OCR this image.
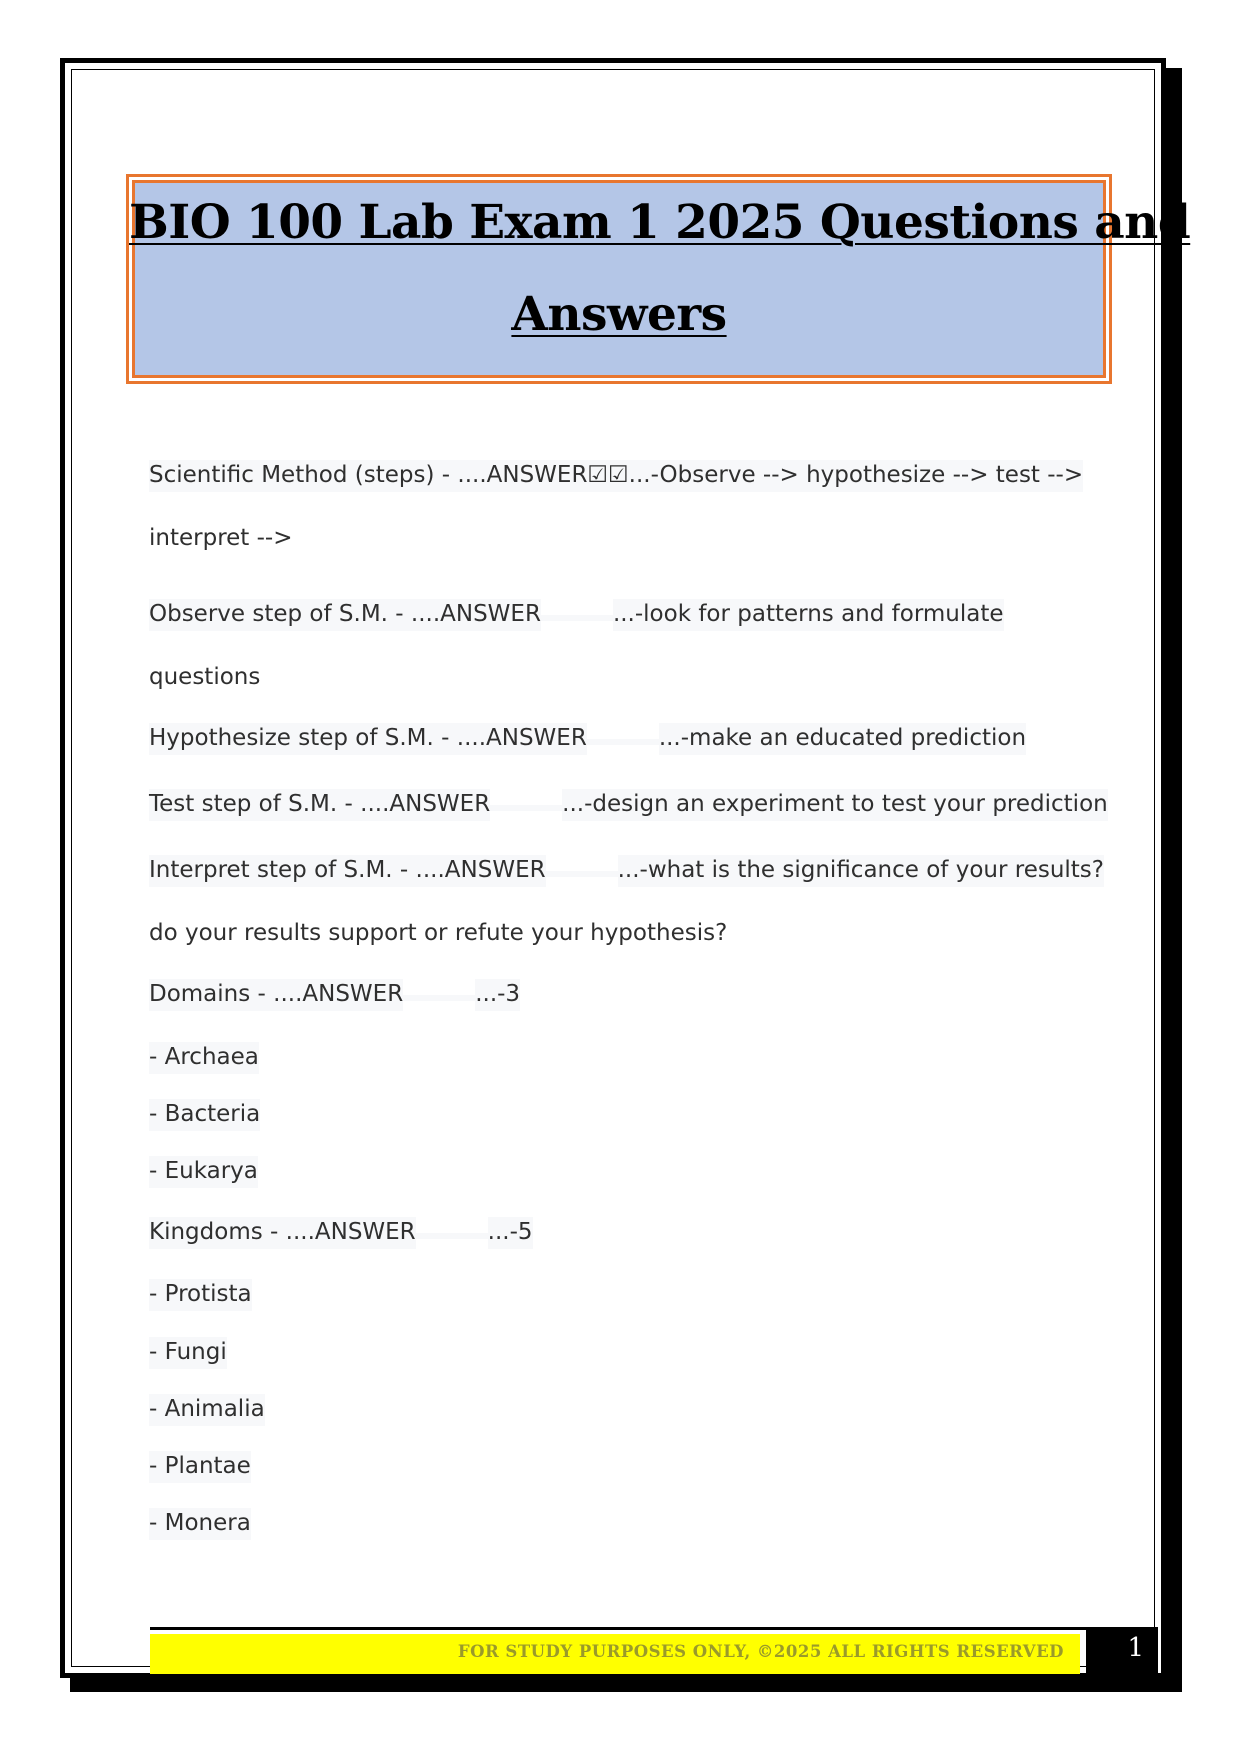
BIO 100 Lab Exam 1 2025 Questions and
Answers
Scientific Method (steps) - ....ANSWER☑☑...-Observe --> hypothesize --> test -->
interpret -->
Observe step of S.M. - ....ANSWER	...-look for patterns and formulate
questions
Hypothesize step of S.M. - ....ANSWER	...-make an educated prediction
Test step of S.M. - ....ANSWER	...-design an experiment to test your prediction
Interpret step of S.M. - ....ANSWER	...-what is the significance of your results?
do your results support or refute your hypothesis?
Domains - ....ANSWER	...-3
- Archaea
- Bacteria
- Eukarya
Kingdoms - ....ANSWER	...-5
- Protista
- Fungi
- Animalia
- Plantae
- Monera
FOR STUDY PURPOSES ONLY, ©2025 ALL RIGHTS RESERVED	1
